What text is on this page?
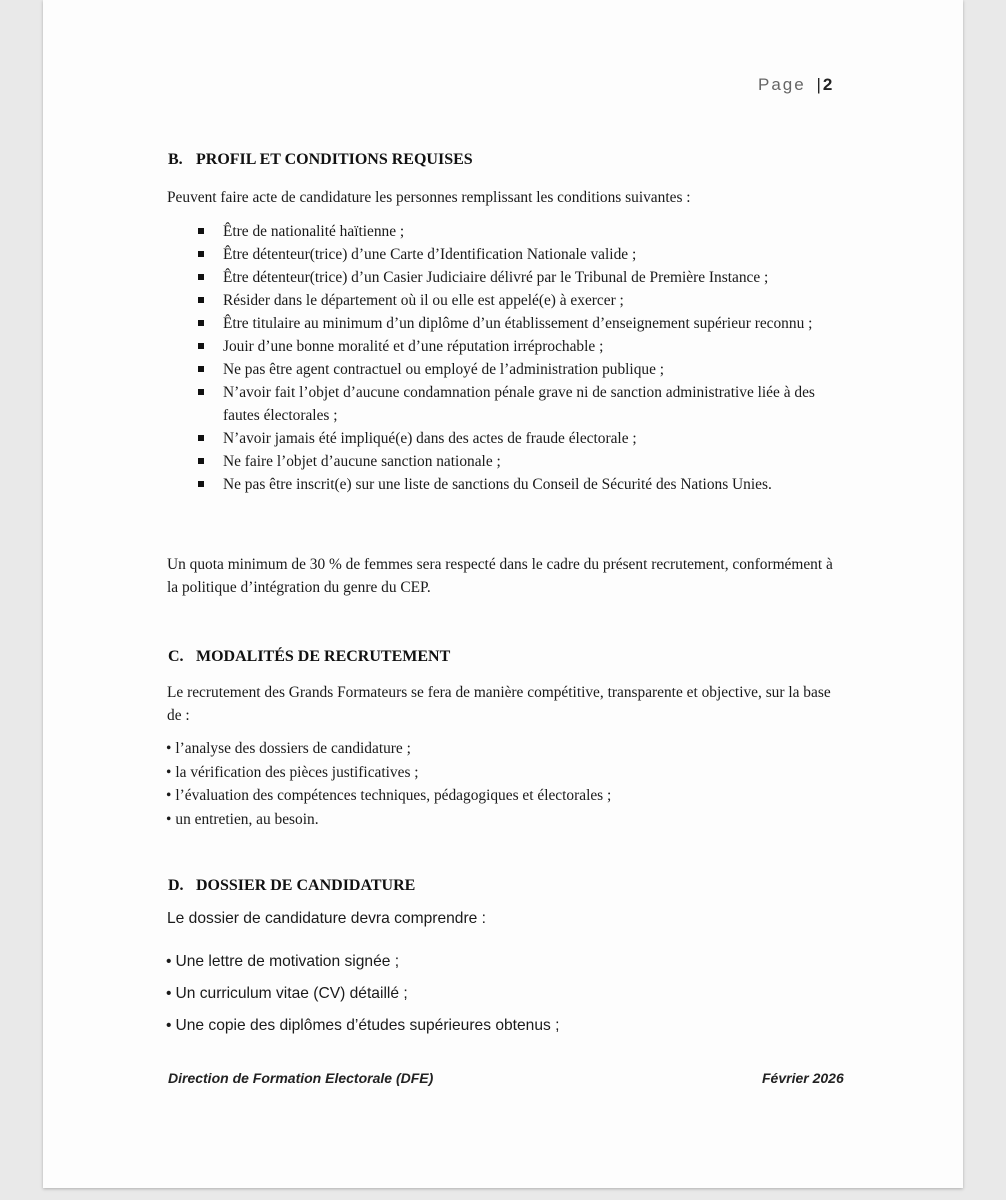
Page | 2
B. PROFIL ET CONDITIONS REQUISES
Peuvent faire acte de candidature les personnes remplissant les conditions suivantes :
Être de nationalité haïtienne ;
Être détenteur(trice) d’une Carte d’Identification Nationale valide ;
Être détenteur(trice) d’un Casier Judiciaire délivré par le Tribunal de Première Instance ;
Résider dans le département où il ou elle est appelé(e) à exercer ;
Être titulaire au minimum d’un diplôme d’un établissement d’enseignement supérieur reconnu ;
Jouir d’une bonne moralité et d’une réputation irréprochable ;
Ne pas être agent contractuel ou employé de l’administration publique ;
N’avoir fait l’objet d’aucune condamnation pénale grave ni de sanction administrative liée à des fautes électorales ;
N’avoir jamais été impliqué(e) dans des actes de fraude électorale ;
Ne faire l’objet d’aucune sanction nationale ;
Ne pas être inscrit(e) sur une liste de sanctions du Conseil de Sécurité des Nations Unies.
Un quota minimum de 30 % de femmes sera respecté dans le cadre du présent recrutement, conformément à la politique d’intégration du genre du CEP.
C. MODALITÉS DE RECRUTEMENT
Le recrutement des Grands Formateurs se fera de manière compétitive, transparente et objective, sur la base de :
• l’analyse des dossiers de candidature ;
• la vérification des pièces justificatives ;
• l’évaluation des compétences techniques, pédagogiques et électorales ;
• un entretien, au besoin.
D. DOSSIER DE CANDIDATURE
Le dossier de candidature devra comprendre :
• Une lettre de motivation signée ;
• Un curriculum vitae (CV) détaillé ;
• Une copie des diplômes d’études supérieures obtenus ;
Direction de Formation Electorale (DFE)	Février 2026
